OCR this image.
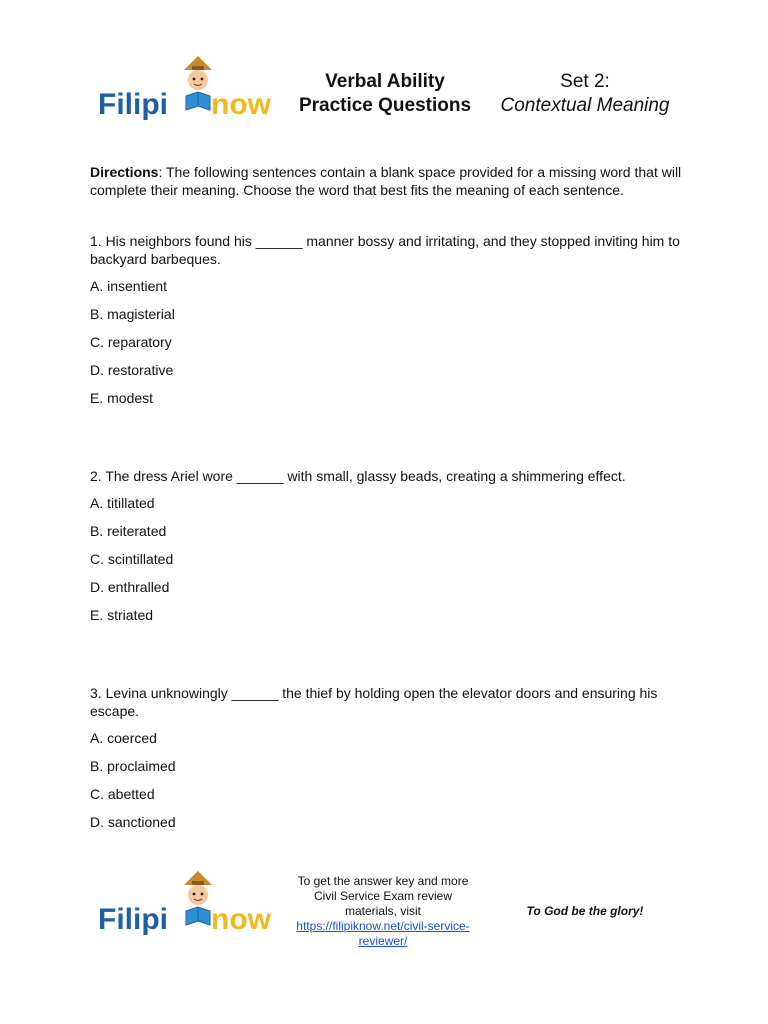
Filipi now
Verbal Ability
Practice Questions
Set 2:
Contextual Meaning

Directions: The following sentences contain a blank space provided for a missing word that will complete their meaning. Choose the word that best fits the meaning of each sentence.

1. His neighbors found his ______ manner bossy and irritating, and they stopped inviting him to backyard barbeques.

A. insentient
B. magisterial
C. reparatory
D. restorative
E. modest

2. The dress Ariel wore ______ with small, glassy beads, creating a shimmering effect.

A. titillated
B. reiterated
C. scintillated
D. enthralled
E. striated

3. Levina unknowingly ______ the thief by holding open the elevator doors and ensuring his escape.

A. coerced
B. proclaimed
C. abetted
D. sanctioned
Filipi now
To get the answer key and more
Civil Service Exam review
materials, visit
https://filipiknow.net/civil-service-
reviewer/
To God be the glory!
